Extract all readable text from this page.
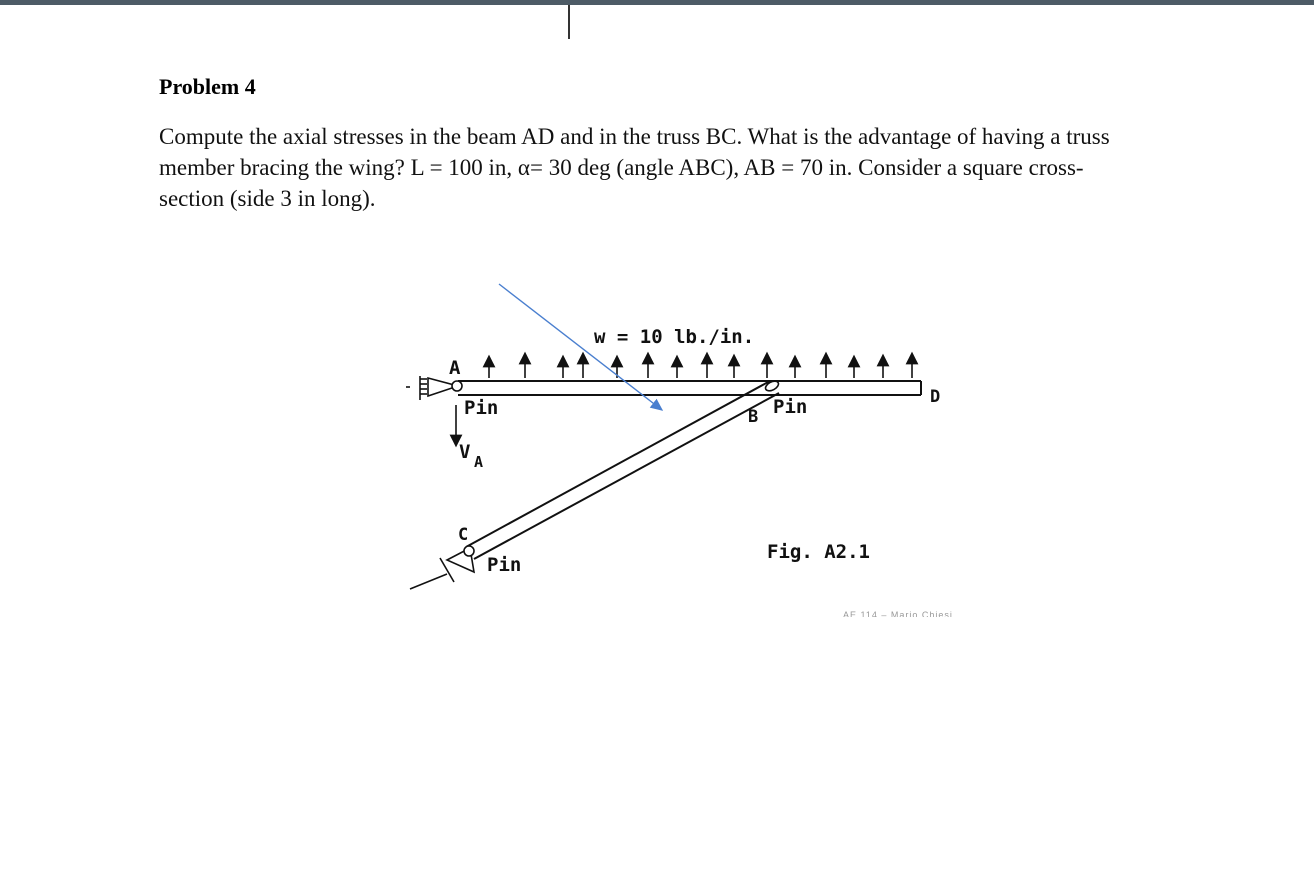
Problem 4
Compute the axial stresses in the beam AD and in the truss BC. What is the advantage of having a truss
member bracing the wing? L = 100 in, α= 30 deg (angle ABC), AB = 70 in. Consider a square cross-
section (side 3 in long).
w = 10 lb./in.
A
D
B
C
Pin	Pin
Pin
V A
Fig. A2.1
AE 114 – Mario Chiesi
